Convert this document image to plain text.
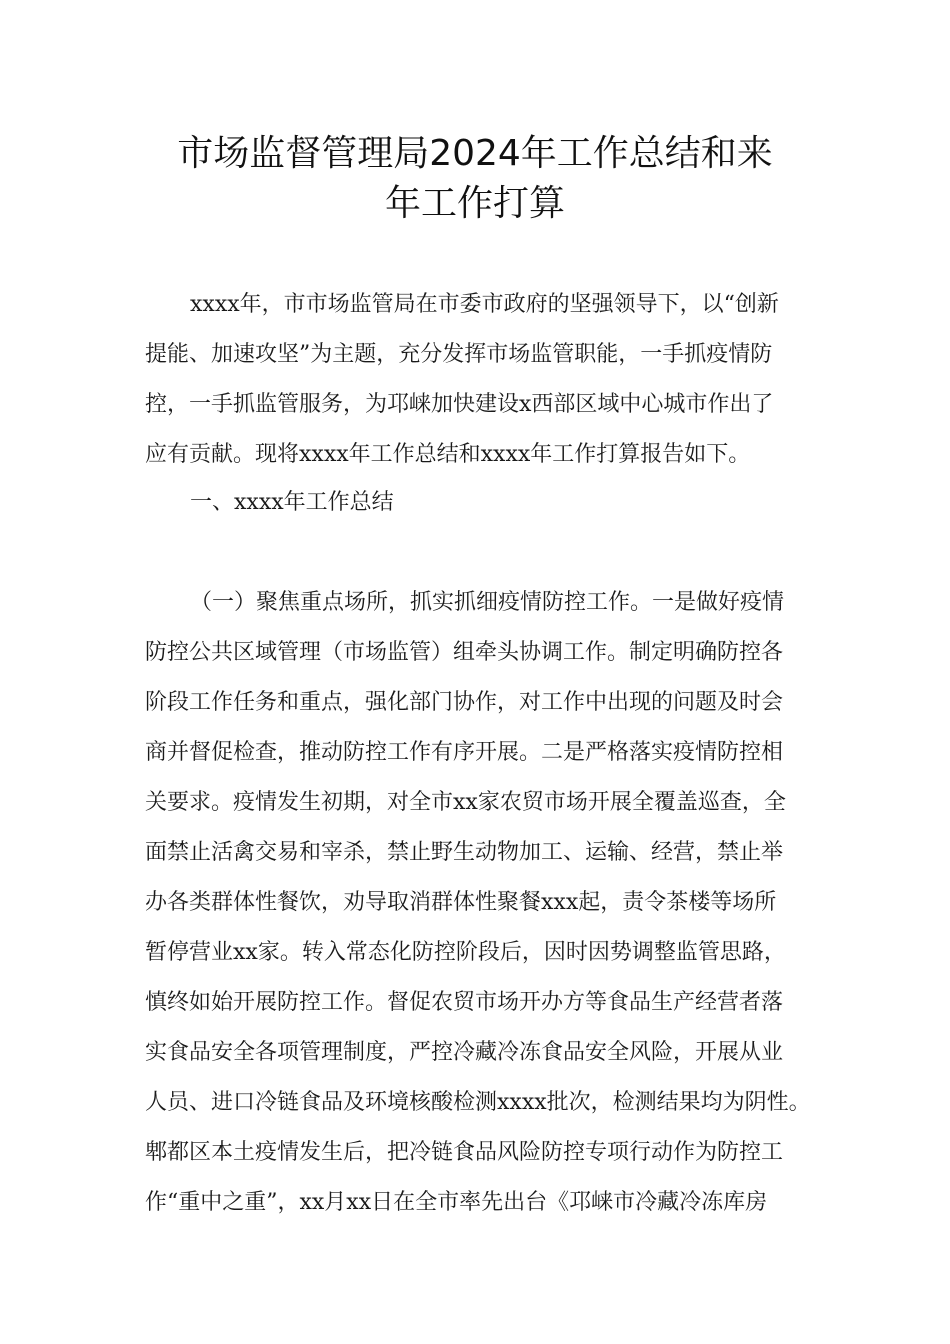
市场监督管理局2024年工作总结和来
年工作打算
xxxx年，市市场监管局在市委市政府的坚强领导下，以“创新
提能、加速攻坚”为主题，充分发挥市场监管职能，一手抓疫情防
控，一手抓监管服务，为邛崃加快建设x西部区域中心城市作出了
应有贡献。现将xxxx年工作总结和xxxx年工作打算报告如下。
一、xxxx年工作总结
（一）聚焦重点场所，抓实抓细疫情防控工作。一是做好疫情
防控公共区域管理（市场监管）组牵头协调工作。制定明确防控各
阶段工作任务和重点，强化部门协作，对工作中出现的问题及时会
商并督促检查，推动防控工作有序开展。二是严格落实疫情防控相
关要求。疫情发生初期，对全市xx家农贸市场开展全覆盖巡查，全
面禁止活禽交易和宰杀，禁止野生动物加工、运输、经营，禁止举
办各类群体性餐饮，劝导取消群体性聚餐xxx起，责令茶楼等场所
暂停营业xx家。转入常态化防控阶段后，因时因势调整监管思路，
慎终如始开展防控工作。督促农贸市场开办方等食品生产经营者落
实食品安全各项管理制度，严控冷藏冷冻食品安全风险，开展从业
人员、进口冷链食品及环境核酸检测xxxx批次，检测结果均为阴性。
郫都区本土疫情发生后，把冷链食品风险防控专项行动作为防控工
作“重中之重”，xx月xx日在全市率先出台《邛崃市冷藏冷冻库房
